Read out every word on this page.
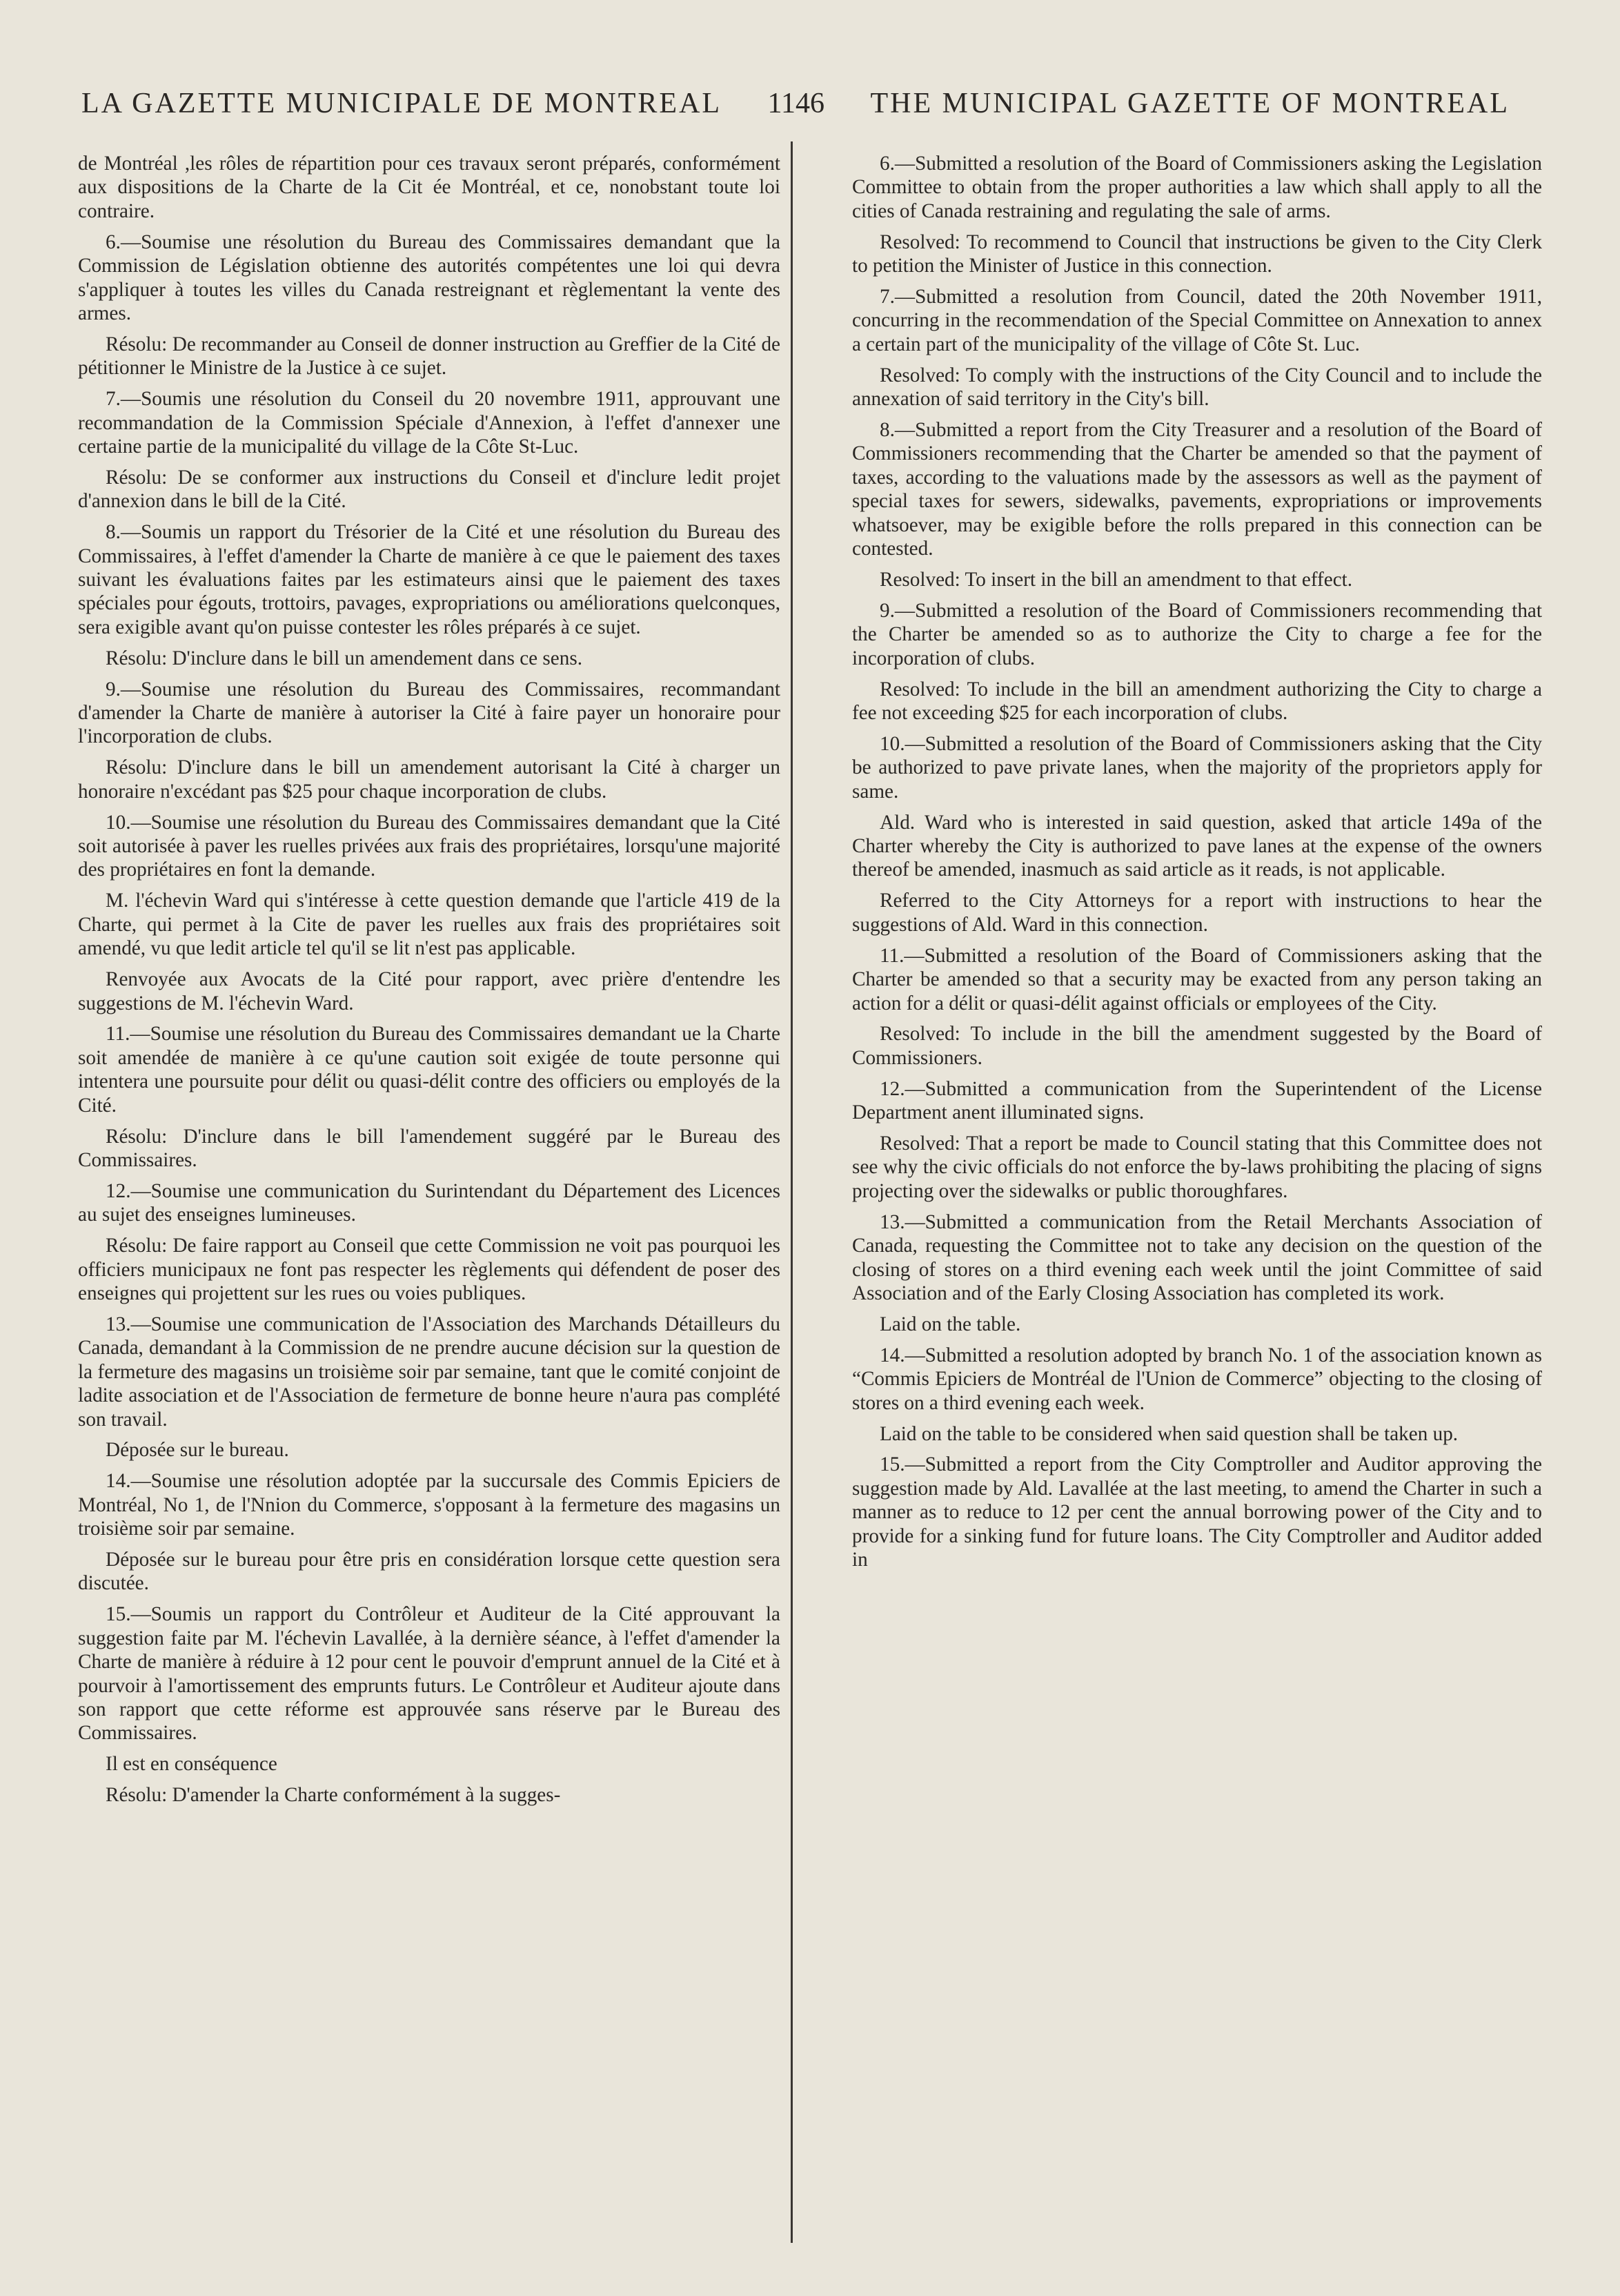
LA GAZETTE MUNICIPALE DE MONTREAL 1146 THE MUNICIPAL GAZETTE OF MONTREAL

de Montréal ,les rôles de répartition pour ces travaux seront préparés, conformément aux dispositions de la Charte de la Cit ée Montréal, et ce, nonobstant toute loi contraire.

6.—Soumise une résolution du Bureau des Commissaires demandant que la Commission de Législation obtienne des autorités compétentes une loi qui devra s'appliquer à toutes les villes du Canada restreignant et règlementant la vente des armes.

Résolu: De recommander au Conseil de donner instruction au Greffier de la Cité de pétitionner le Ministre de la Justice à ce sujet.

7.—Soumis une résolution du Conseil du 20 novembre 1911, approuvant une recommandation de la Commission Spéciale d'Annexion, à l'effet d'annexer une certaine partie de la municipalité du village de la Côte St-Luc.

Résolu: De se conformer aux instructions du Conseil et d'inclure ledit projet d'annexion dans le bill de la Cité.

8.—Soumis un rapport du Trésorier de la Cité et une résolution du Bureau des Commissaires, à l'effet d'amender la Charte de manière à ce que le paiement des taxes suivant les évaluations faites par les estimateurs ainsi que le paiement des taxes spéciales pour égouts, trottoirs, pavages, expropriations ou améliorations quelconques, sera exigible avant qu'on puisse contester les rôles préparés à ce sujet.

Résolu: D'inclure dans le bill un amendement dans ce sens.

9.—Soumise une résolution du Bureau des Commissaires, recommandant d'amender la Charte de manière à autoriser la Cité à faire payer un honoraire pour l'incorporation de clubs.

Résolu: D'inclure dans le bill un amendement autorisant la Cité à charger un honoraire n'excédant pas $25 pour chaque incorporation de clubs.

10.—Soumise une résolution du Bureau des Commissaires demandant que la Cité soit autorisée à paver les ruelles privées aux frais des propriétaires, lorsqu'une majorité des propriétaires en font la demande.

M. l'échevin Ward qui s'intéresse à cette question demande que l'article 419 de la Charte, qui permet à la Cite de paver les ruelles aux frais des propriétaires soit amendé, vu que ledit article tel qu'il se lit n'est pas applicable.

Renvoyée aux Avocats de la Cité pour rapport, avec prière d'entendre les suggestions de M. l'échevin Ward.

11.—Soumise une résolution du Bureau des Commissaires demandant ue la Charte soit amendée de manière à ce qu'une caution soit exigée de toute personne qui intentera une poursuite pour délit ou quasi-délit contre des officiers ou employés de la Cité.

Résolu: D'inclure dans le bill l'amendement suggéré par le Bureau des Commissaires.

12.—Soumise une communication du Surintendant du Département des Licences au sujet des enseignes lumineuses.

Résolu: De faire rapport au Conseil que cette Commission ne voit pas pourquoi les officiers municipaux ne font pas respecter les règlements qui défendent de poser des enseignes qui projettent sur les rues ou voies publiques.

13.—Soumise une communication de l'Association des Marchands Détailleurs du Canada, demandant à la Commission de ne prendre aucune décision sur la question de la fermeture des magasins un troisième soir par semaine, tant que le comité conjoint de ladite association et de l'Association de fermeture de bonne heure n'aura pas complété son travail.

Déposée sur le bureau.

14.—Soumise une résolution adoptée par la succursale des Commis Epiciers de Montréal, No 1, de l'Nnion du Commerce, s'opposant à la fermeture des magasins un troisième soir par semaine.

Déposée sur le bureau pour être pris en considération lorsque cette question sera discutée.

15.—Soumis un rapport du Contrôleur et Auditeur de la Cité approuvant la suggestion faite par M. l'échevin Lavallée, à la dernière séance, à l'effet d'amender la Charte de manière à réduire à 12 pour cent le pouvoir d'emprunt annuel de la Cité et à pourvoir à l'amortissement des emprunts futurs. Le Contrôleur et Auditeur ajoute dans son rapport que cette réforme est approuvée sans réserve par le Bureau des Commissaires.

Il est en conséquence

Résolu: D'amender la Charte conformément à la sugges-

6.—Submitted a resolution of the Board of Commissioners asking the Legislation Committee to obtain from the proper authorities a law which shall apply to all the cities of Canada restraining and regulating the sale of arms.

Resolved: To recommend to Council that instructions be given to the City Clerk to petition the Minister of Justice in this connection.

7.—Submitted a resolution from Council, dated the 20th November 1911, concurring in the recommendation of the Special Committee on Annexation to annex a certain part of the municipality of the village of Côte St. Luc.

Resolved: To comply with the instructions of the City Council and to include the annexation of said territory in the City's bill.

8.—Submitted a report from the City Treasurer and a resolution of the Board of Commissioners recommending that the Charter be amended so that the payment of taxes, according to the valuations made by the assessors as well as the payment of special taxes for sewers, sidewalks, pavements, expropriations or improvements whatsoever, may be exigible before the rolls prepared in this connection can be contested.

Resolved: To insert in the bill an amendment to that effect.

9.—Submitted a resolution of the Board of Commissioners recommending that the Charter be amended so as to authorize the City to charge a fee for the incorporation of clubs.

Resolved: To include in the bill an amendment authorizing the City to charge a fee not exceeding $25 for each incorporation of clubs.

10.—Submitted a resolution of the Board of Commissioners asking that the City be authorized to pave private lanes, when the majority of the proprietors apply for same.

Ald. Ward who is interested in said question, asked that article 149a of the Charter whereby the City is authorized to pave lanes at the expense of the owners thereof be amended, inasmuch as said article as it reads, is not applicable.

Referred to the City Attorneys for a report with instructions to hear the suggestions of Ald. Ward in this connection.

11.—Submitted a resolution of the Board of Commissioners asking that the Charter be amended so that a security may be exacted from any person taking an action for a délit or quasi-délit against officials or employees of the City.

Resolved: To include in the bill the amendment suggested by the Board of Commissioners.

12.—Submitted a communication from the Superintendent of the License Department anent illuminated signs.

Resolved: That a report be made to Council stating that this Committee does not see why the civic officials do not enforce the by-laws prohibiting the placing of signs projecting over the sidewalks or public thoroughfares.

13.—Submitted a communication from the Retail Merchants Association of Canada, requesting the Committee not to take any decision on the question of the closing of stores on a third evening each week until the joint Committee of said Association and of the Early Closing Association has completed its work.

Laid on the table.

14.—Submitted a resolution adopted by branch No. 1 of the association known as “Commis Epiciers de Montréal de l'Union de Commerce” objecting to the closing of stores on a third evening each week.

Laid on the table to be considered when said question shall be taken up.

15.—Submitted a report from the City Comptroller and Auditor approving the suggestion made by Ald. Lavallée at the last meeting, to amend the Charter in such a manner as to reduce to 12 per cent the annual borrowing power of the City and to provide for a sinking fund for future loans. The City Comptroller and Auditor added in
